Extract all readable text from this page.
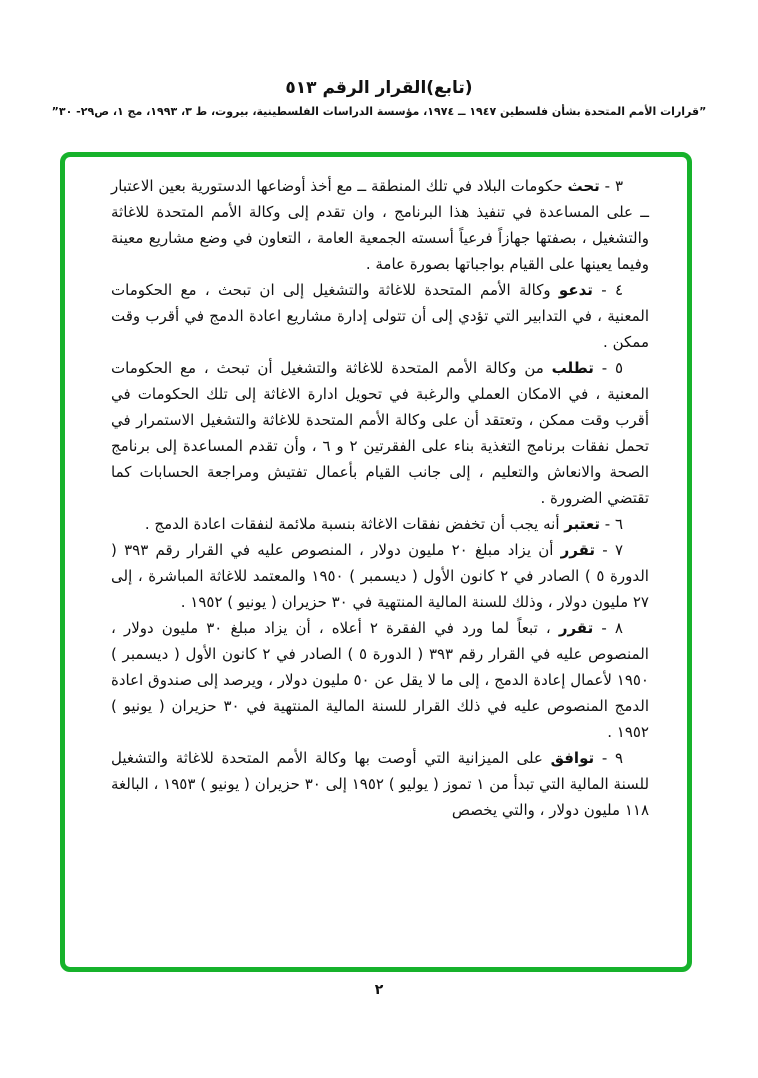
(تابع)القرار الرقم ٥١٣

”قرارات الأمم المتحدة بشأن فلسطين ١٩٤٧ ــ ١٩٧٤، مؤسسة الدراسات الفلسطينية، بيروت، ط ٣، ١٩٩٣، مج ١، ص٢٩- ٣٠”

٣ - تحث حكومات البلاد في تلك المنطقة ــ مع أخذ أوضاعها الدستورية بعين الاعتبار ــ على المساعدة في تنفيذ هذا البرنامج ، وان تقدم إلى وكالة الأمم المتحدة للاغاثة والتشغيل ، بصفتها جهازاً فرعياً أسسته الجمعية العامة ، التعاون في وضع مشاريع معينة وفيما يعينها على القيام بواجباتها بصورة عامة .

٤ - تدعو وكالة الأمم المتحدة للاغاثة والتشغيل إلى ان تبحث ، مع الحكومات المعنية ، في التدابير التي تؤدي إلى أن تتولى إدارة مشاريع اعادة الدمج في أقرب وقت ممكن .

٥ - تطلب من وكالة الأمم المتحدة للاغاثة والتشغيل أن تبحث ، مع الحكومات المعنية ، في الامكان العملي والرغبة في تحويل ادارة الاغاثة إلى تلك الحكومات في أقرب وقت ممكن ، وتعتقد أن على وكالة الأمم المتحدة للاغاثة والتشغيل الاستمرار في تحمل نفقات برنامج التغذية بناء على الفقرتين ٢ و ٦ ، وأن تقدم المساعدة إلى برنامج الصحة والانعاش والتعليم ، إلى جانب القيام بأعمال تفتيش ومراجعة الحسابات كما تقتضي الضرورة .

٦ - تعتبر أنه يجب أن تخفض نفقات الاغاثة بنسبة ملائمة لنفقات اعادة الدمج .

٧ - تقرر أن يزاد مبلغ ٢٠ مليون دولار ، المنصوص عليه في القرار رقم ٣٩٣ ( الدورة ٥ ) الصادر في ٢ كانون الأول ( ديسمبر ) ١٩٥٠ والمعتمد للاغاثة المباشرة ، إلى ٢٧ مليون دولار ، وذلك للسنة المالية المنتهية في ٣٠ حزيران ( يونيو ) ١٩٥٢ .

٨ - تقرر ، تبعاً لما ورد في الفقرة ٢ أعلاه ، أن يزاد مبلغ ٣٠ مليون دولار ، المنصوص عليه في القرار رقم ٣٩٣ ( الدورة ٥ ) الصادر في ٢ كانون الأول ( ديسمبر ) ١٩٥٠ لأعمال إعادة الدمج ، إلى ما لا يقل عن ٥٠ مليون دولار ، ويرصد إلى صندوق اعادة الدمج المنصوص عليه في ذلك القرار للسنة المالية المنتهية في ٣٠ حزيران ( يونيو ) ١٩٥٢ .

٩ - توافق على الميزانية التي أوصت بها وكالة الأمم المتحدة للاغاثة والتشغيل للسنة المالية التي تبدأ من ١ تموز ( يوليو ) ١٩٥٢ إلى ٣٠ حزيران ( يونيو ) ١٩٥٣ ، البالغة ١١٨ مليون دولار ، والتي يخصص

٢
